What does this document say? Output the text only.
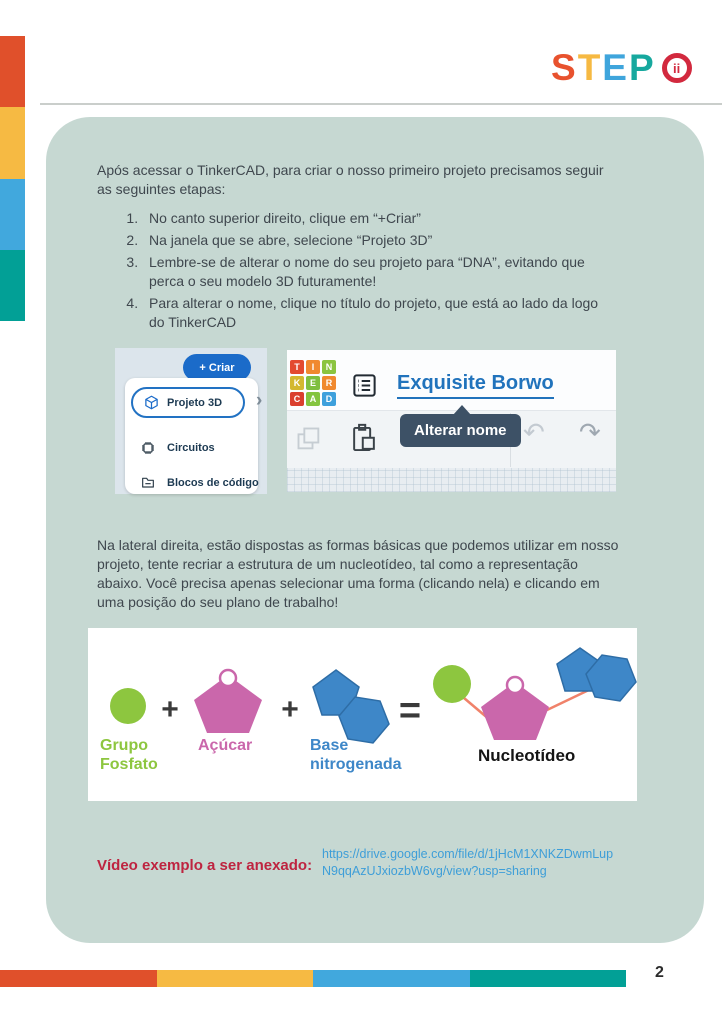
S T E P ii

Após acessar o TinkerCAD, para criar o nosso primeiro projeto precisamos seguir as seguintes etapas:

1. No canto superior direito, clique em “+Criar”
2. Na janela que se abre, selecione “Projeto 3D”
3. Lembre-se de alterar o nome do seu projeto para “DNA”, evitando que perca o seu modelo 3D futuramente!
4. Para alterar o nome, clique no título do projeto, que está ao lado da logo do TinkerCAD
+ Criar
Projeto 3D
Circuitos
Blocos de código
›
T	I	N
K	E	R
C	A	D
Exquisite Borwo
↶ ↷
Alterar nome

Na lateral direita, estão dispostas as formas básicas que podemos utilizar em nosso projeto, tente recriar a estrutura de um nucleotídeo, tal como a representação abaixo. Você precisa apenas selecionar uma forma (clicando nela) e clicando em uma posição do seu plano de trabalho!

+	+	=
Grupo
Fosfato
Açúcar	Base
nitrogenada	Nucleotídeo
Vídeo exemplo a ser anexado:
https://drive.google.com/file/d/1jHcM1XNKZDwmLup
N9qqAzUJxiozbW6vg/view?usp=sharing
2
